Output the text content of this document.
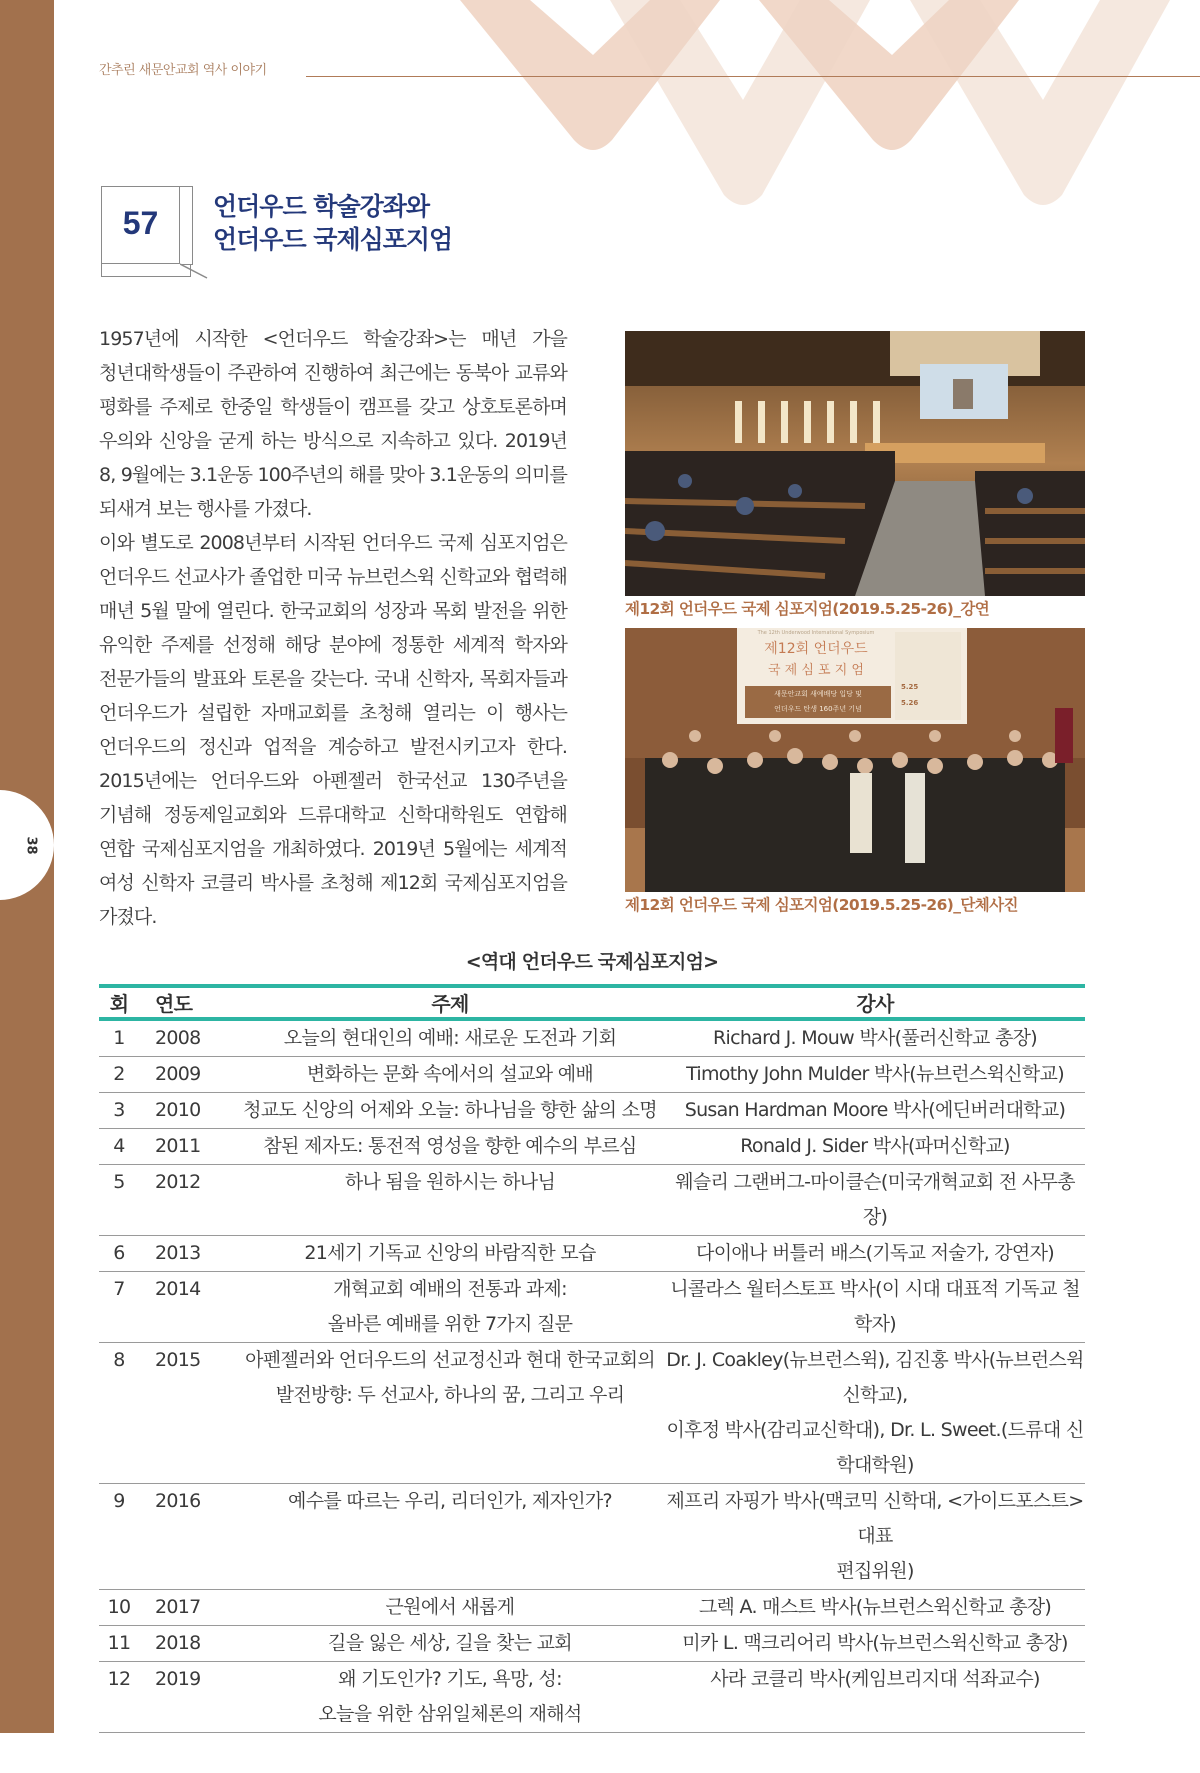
38
간추린 새문안교회 역사 이야기
57	언더우드 학술강좌와
언더우드 국제심포지엄
제12회 언더우드 국제 심포지엄(2019.5.25-26)_강연
The 12th Underwood International Symposium
제12회 언더우드
국 제 심 포 지 엄
새문안교회 새예배당 입당 및
언더우드 탄생 160주년 기념
5.25
5.26
제12회 언더우드 국제 심포지엄(2019.5.25-26)_단체사진

1957년에 시작한 <언더우드 학술강좌>는 매년 가을 청년대학생들이 주관하여 진행하여 최근에는 동북아 교류와 평화를 주제로 한중일 학생들이 캠프를 갖고 상호토론하며 우의와 신앙을 굳게 하는 방식으로 지속하고 있다. 2019년 8, 9월에는 3.1운동 100주년의 해를 맞아 3.1운동의 의미를 되새겨 보는 행사를 가졌다.

이와 별도로 2008년부터 시작된 언더우드 국제 심포지엄은 언더우드 선교사가 졸업한 미국 뉴브런스윅 신학교와 협력해 매년 5월 말에 열린다. 한국교회의 성장과 목회 발전을 위한 유익한 주제를 선정해 해당 분야에 정통한 세계적 학자와 전문가들의 발표와 토론을 갖는다. 국내 신학자, 목회자들과 언더우드가 설립한 자매교회를 초청해 열리는 이 행사는 언더우드의 정신과 업적을 계승하고 발전시키고자 한다. 2015년에는 언더우드와 아펜젤러 한국선교 130주년을 기념해 정동제일교회와 드류대학교 신학대학원도 연합해 연합 국제심포지엄을 개최하였다. 2019년 5월에는 세계적 여성 신학자 코클리 박사를 초청해 제12회 국제심포지엄을 가졌다.

<역대 언더우드 국제심포지엄>
회	연도	주제	강사
1	2008	오늘의 현대인의 예배: 새로운 도전과 기회	Richard J. Mouw 박사(풀러신학교 총장)

2	2009	변화하는 문화 속에서의 설교와 예배	Timothy John Mulder 박사(뉴브런스윅신학교)

3	2010	청교도 신앙의 어제와 오늘: 하나님을 향한 삶의 소명	Susan Hardman Moore 박사(에딘버러대학교)

4	2011	참된 제자도: 통전적 영성을 향한 예수의 부르심	Ronald J. Sider 박사(파머신학교)

5	2012	하나 됨을 원하시는 하나님	웨슬리 그랜버그-마이클슨(미국개혁교회 전 사무총장)

6	2013	21세기 기독교 신앙의 바람직한 모습	다이애나 버틀러 배스(기독교 저술가, 강연자)

7	2014	개혁교회 예배의 전통과 과제:
올바른 예배를 위한 7가지 질문	니콜라스 월터스토프 박사(이 시대 대표적 기독교 철학자)

8	2015	아펜젤러와 언더우드의 선교정신과 현대 한국교회의
발전방향: 두 선교사, 하나의 꿈, 그리고 우리	Dr. J. Coakley(뉴브런스윅), 김진홍 박사(뉴브런스윅 신학교),
이후정 박사(감리교신학대), Dr. L. Sweet.(드류대 신학대학원)

9	2016	예수를 따르는 우리, 리더인가, 제자인가?	제프리 자핑가 박사(맥코믹 신학대, <가이드포스트> 대표
편집위원)

10	2017	근원에서 새롭게	그렉 A. 매스트 박사(뉴브런스윅신학교 총장)

11	2018	길을 잃은 세상, 길을 찾는 교회	미카 L. 맥크리어리 박사(뉴브런스윅신학교 총장)

12	2019	왜 기도인가? 기도, 욕망, 성:
오늘을 위한 삼위일체론의 재해석	사라 코클리 박사(케임브리지대 석좌교수)
